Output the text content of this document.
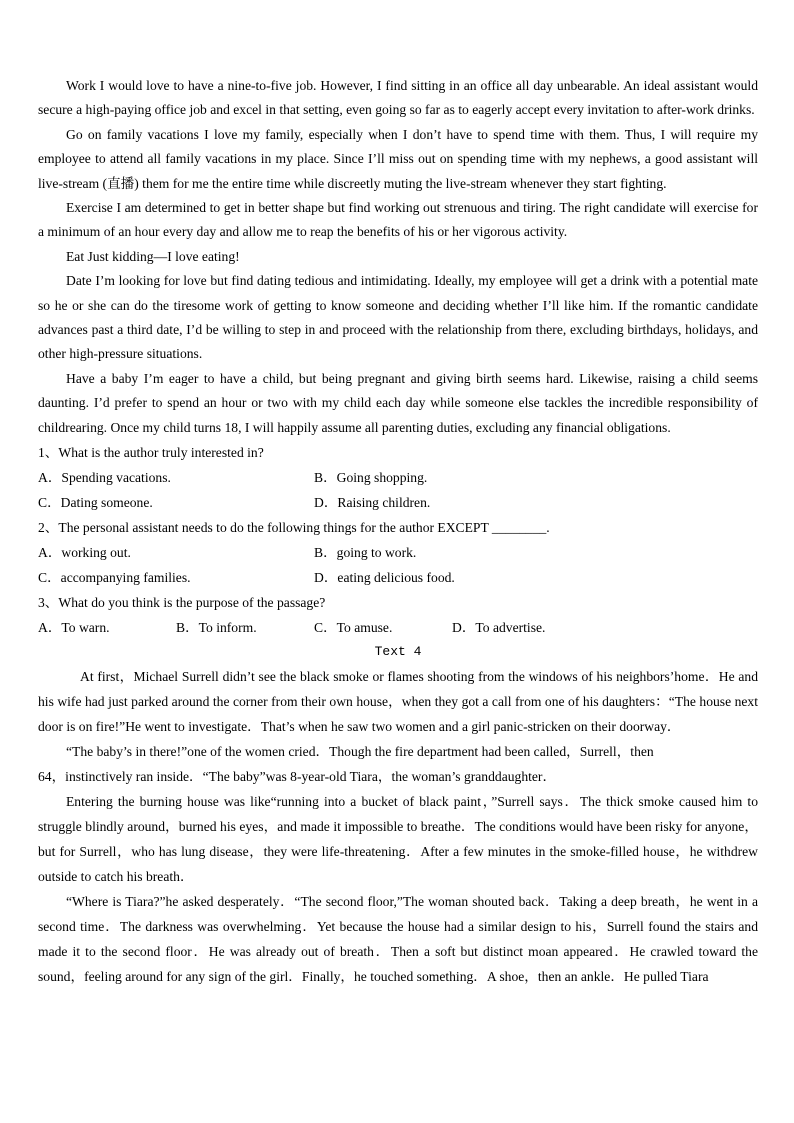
Work I would love to have a nine-to-five job. However, I find sitting in an office all day unbearable. An ideal assistant would secure a high-paying office job and excel in that setting, even going so far as to eagerly accept every invitation to after-work drinks.

Go on family vacations I love my family, especially when I don’t have to spend time with them. Thus, I will require my employee to attend all family vacations in my place. Since I’ll miss out on spending time with my nephews, a good assistant will live-stream (直播) them for me the entire time while discreetly muting the live-stream whenever they start fighting.

Exercise I am determined to get in better shape but find working out strenuous and tiring. The right candidate will exercise for a minimum of an hour every day and allow me to reap the benefits of his or her vigorous activity.

Eat Just kidding—I love eating!

Date I’m looking for love but find dating tedious and intimidating. Ideally, my employee will get a drink with a potential mate so he or she can do the tiresome work of getting to know someone and deciding whether I’ll like him. If the romantic candidate advances past a third date, I’d be willing to step in and proceed with the relationship from there, excluding birthdays, holidays, and other high-pressure situations.

Have a baby I’m eager to have a child, but being pregnant and giving birth seems hard. Likewise, raising a child seems daunting. I’d prefer to spend an hour or two with my child each day while someone else tackles the incredible responsibility of childrearing. Once my child turns 18, I will happily assume all parenting duties, excluding any financial obligations.

1、What is the author truly interested in?

A．Spending vacations.	B．Going shopping.
C．Dating someone.	D．Raising children.

2、The personal assistant needs to do the following things for the author EXCEPT ________.

A．working out.	B．going to work.
C．accompanying families.	D．eating delicious food.

3、What do you think is the purpose of the passage?

A．To warn.	B．To inform.	C．To amuse.	D．To advertise.

Text 4

At first，Michael Surrell didn’t see the black smoke or flames shooting from the windows of his neighbors’home．He and his wife had just parked around the corner from their own house，when they got a call from one of his daughters：“The house next door is on fire!”He went to investigate．That’s when he saw two women and a girl panic-stricken on their doorway．

“The baby’s in there!”one of the women cried．Though the fire department had been called，Surrell，then

64，instinctively ran inside．“The baby”was 8-year-old Tiara，the woman’s granddaughter．

Entering the burning house was like“running into a bucket of black paint，”Surrell says．The thick smoke caused him to struggle blindly around，burned his eyes，and made it impossible to breathe．The conditions would have been risky for anyone，but for Surrell，who has lung disease，they were life-threatening．After a few minutes in the smoke-filled house，he withdrew outside to catch his breath．

“Where is Tiara?”he asked desperately．“The second floor,”The woman shouted back．Taking a deep breath，he went in a second time．The darkness was overwhelming．Yet because the house had a similar design to his，Surrell found the stairs and made it to the second floor．He was already out of breath．Then a soft but distinct moan appeared．He crawled toward the sound，feeling around for any sign of the girl．Finally，he touched something．A shoe，then an ankle．He pulled Tiara
